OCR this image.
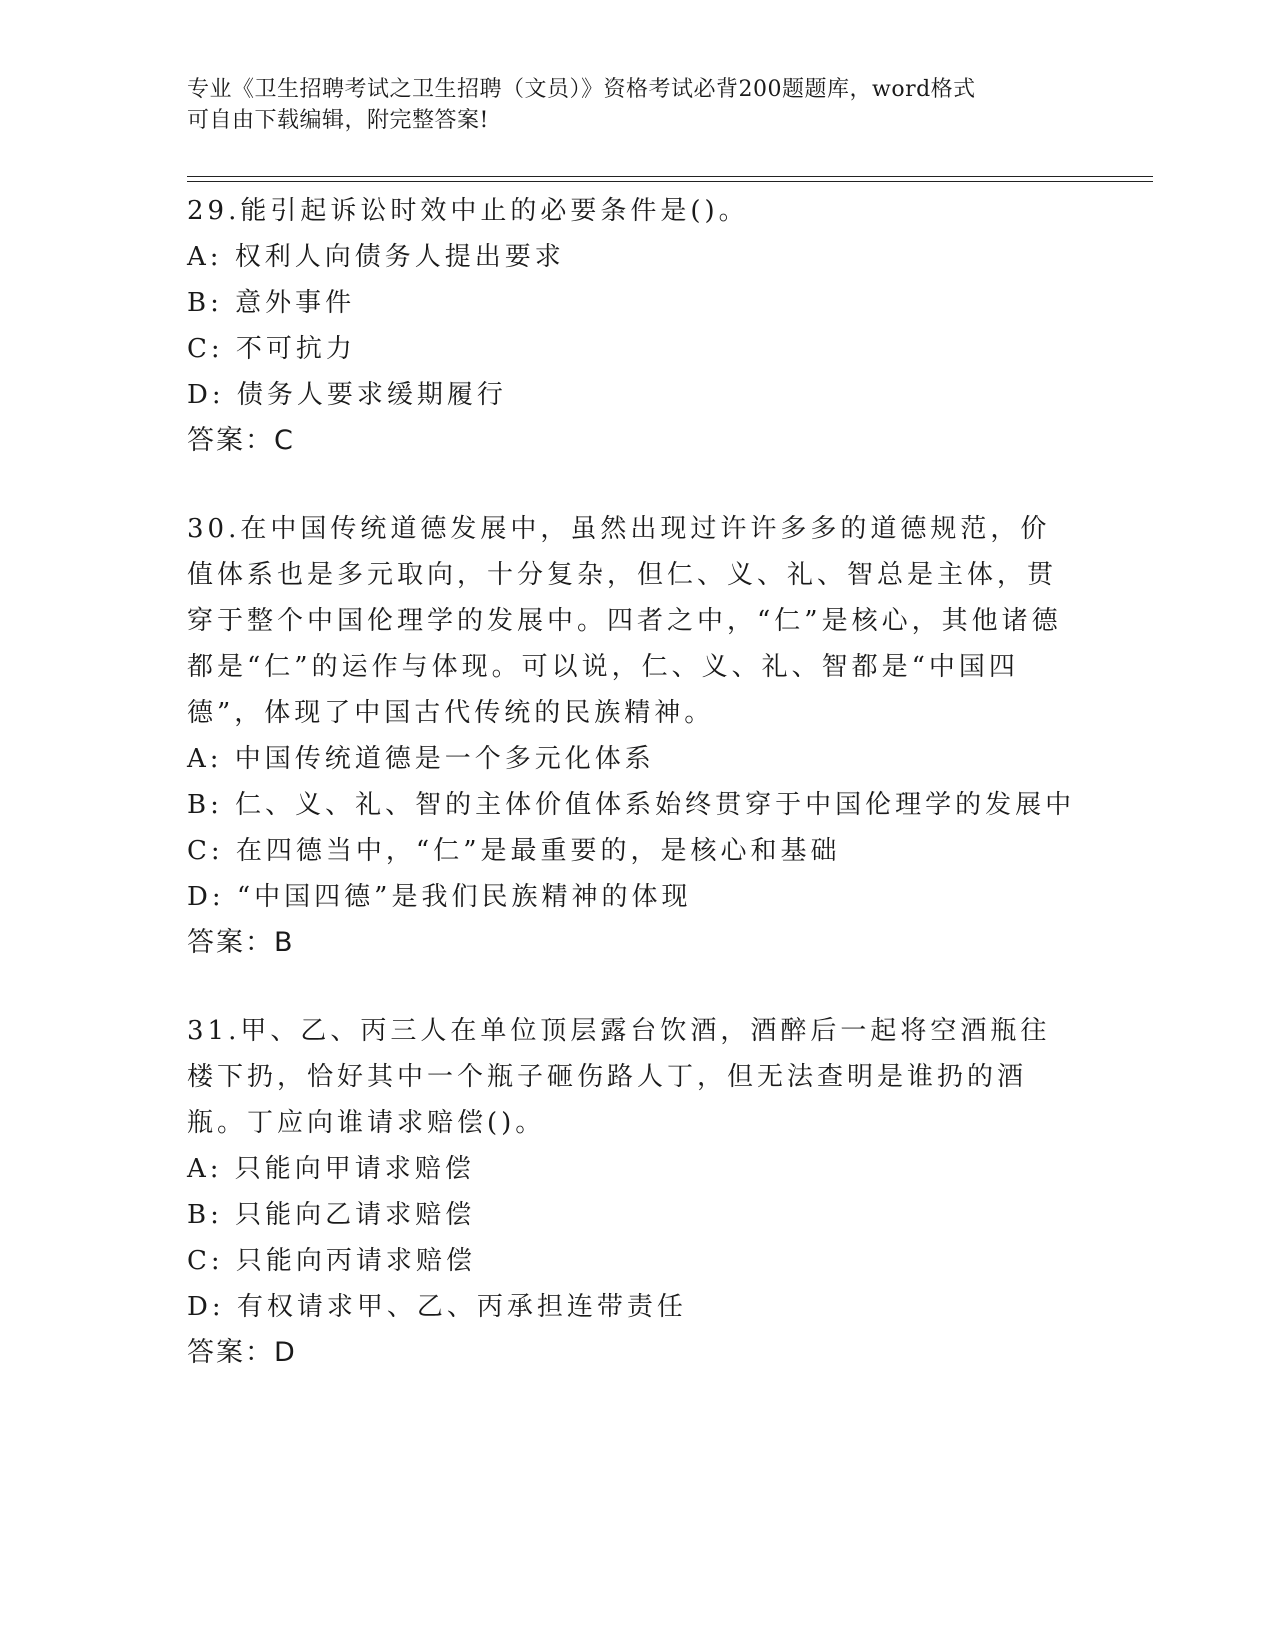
专业《卫生招聘考试之卫生招聘（文员）》资格考试必背200题题库，word格式

可自由下载编辑，附完整答案!

29.能引起诉讼时效中止的必要条件是()。

A: 权利人向债务人提出要求

B: 意外事件

C: 不可抗力

D: 债务人要求缓期履行

答案：C

30.在中国传统道德发展中，虽然出现过许许多多的道德规范，价值体系也是多元取向，十分复杂，但仁、义、礼、智总是主体，贯穿于整个中国伦理学的发展中。四者之中，“仁”是核心，其他诸德都是“仁”的运作与体现。可以说，仁、义、礼、智都是“中国四德”，体现了中国古代传统的民族精神。

A: 中国传统道德是一个多元化体系

B: 仁、义、礼、智的主体价值体系始终贯穿于中国伦理学的发展中

C: 在四德当中，“仁”是最重要的，是核心和基础

D: “中国四德”是我们民族精神的体现

答案：B

31.甲、乙、丙三人在单位顶层露台饮酒，酒醉后一起将空酒瓶往楼下扔，恰好其中一个瓶子砸伤路人丁，但无法查明是谁扔的酒瓶。丁应向谁请求赔偿()。

A: 只能向甲请求赔偿

B: 只能向乙请求赔偿

C: 只能向丙请求赔偿

D: 有权请求甲、乙、丙承担连带责任

答案：D
